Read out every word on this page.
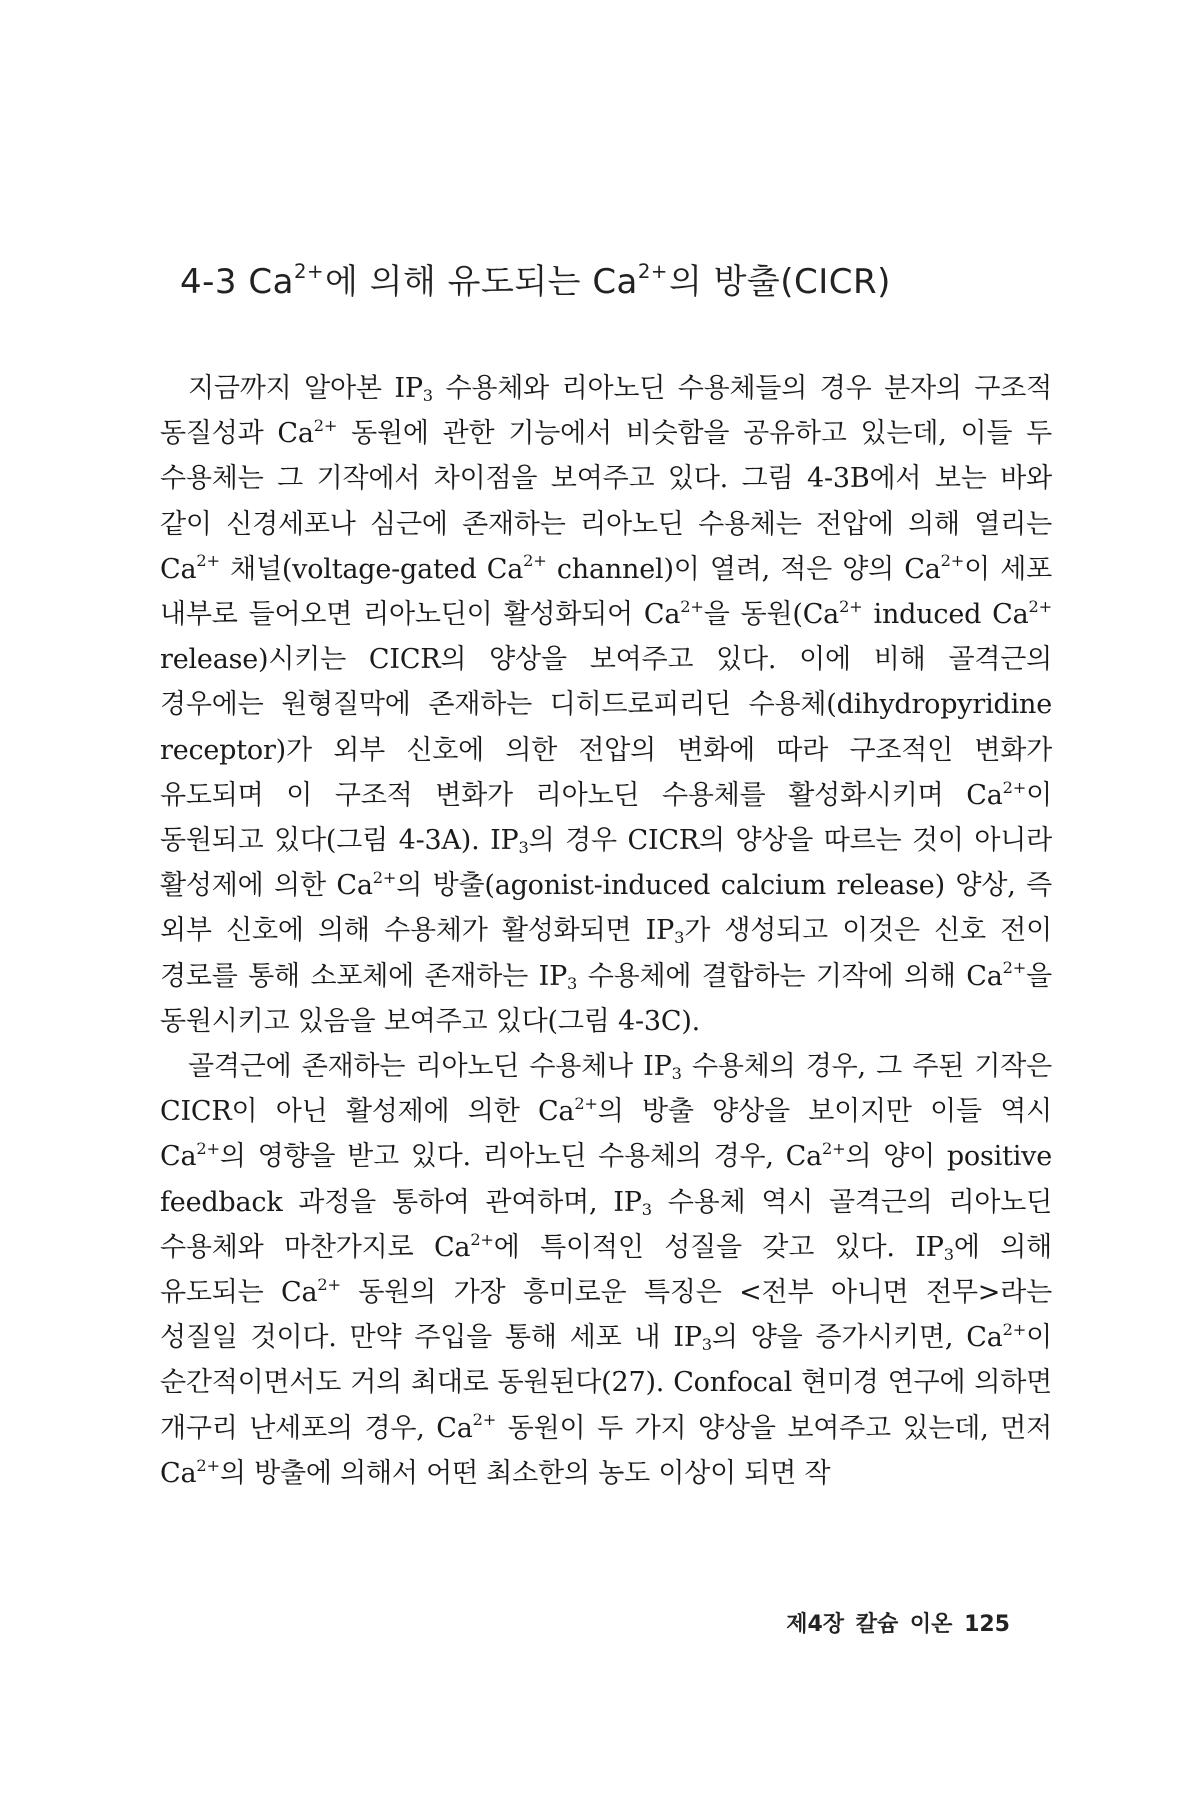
4-3 $Ca^{2+}$에 의해 유도되는 $Ca^{2+}$의 방출(CICR)

지금까지 알아본 $IP_3$ 수용체와 리아노딘 수용체들의 경우 분자의 구조적 동질성과 $Ca^{2+}$ 동원에 관한 기능에서 비슷함을 공유하고 있는데, 이들 두 수용체는 그 기작에서 차이점을 보여주고 있다. 그림 4-3B에서 보는 바와 같이 신경세포나 심근에 존재하는 리아노딘 수용체는 전압에 의해 열리는 $Ca^{2+}$ 채널(voltage-gated $Ca^{2+}$ channel)이 열려, 적은 양의 $Ca^{2+}$이 세포 내부로 들어오면 리아노딘이 활성화되어 $Ca^{2+}$을 동원($Ca^{2+}$ induced $Ca^{2+}$ release)시키는 CICR의 양상을 보여주고 있다. 이에 비해 골격근의 경우에는 원형질막에 존재하는 디히드로피리딘 수용체(dihydropyridine receptor)가 외부 신호에 의한 전압의 변화에 따라 구조적인 변화가 유도되며 이 구조적 변화가 리아노딘 수용체를 활성화시키며 $Ca^{2+}$이 동원되고 있다(그림 4-3A). $IP_3$의 경우 CICR의 양상을 따르는 것이 아니라 활성제에 의한 $Ca^{2+}$의 방출(agonist-induced calcium release) 양상, 즉 외부 신호에 의해 수용체가 활성화되면 $IP_3$가 생성되고 이것은 신호 전이 경로를 통해 소포체에 존재하는 $IP_3$ 수용체에 결합하는 기작에 의해 $Ca^{2+}$을 동원시키고 있음을 보여주고 있다(그림 4-3C).

골격근에 존재하는 리아노딘 수용체나 $IP_3$ 수용체의 경우, 그 주된 기작은 CICR이 아닌 활성제에 의한 $Ca^{2+}$의 방출 양상을 보이지만 이들 역시 $Ca^{2+}$의 영향을 받고 있다. 리아노딘 수용체의 경우, $Ca^{2+}$의 양이 positive feedback 과정을 통하여 관여하며, $IP_3$ 수용체 역시 골격근의 리아노딘 수용체와 마찬가지로 $Ca^{2+}$에 특이적인 성질을 갖고 있다. $IP_3$에 의해 유도되는 $Ca^{2+}$ 동원의 가장 흥미로운 특징은 <전부 아니면 전무>라는 성질일 것이다. 만약 주입을 통해 세포 내 $IP_3$의 양을 증가시키면, $Ca^{2+}$이 순간적이면서도 거의 최대로 동원된다(27). Confocal 현미경 연구에 의하면 개구리 난세포의 경우, $Ca^{2+}$ 동원이 두 가지 양상을 보여주고 있는데, 먼저 $Ca^{2+}$의 방출에 의해서 어떤 최소한의 농도 이상이 되면 작

제4장 칼슘 이온 125
